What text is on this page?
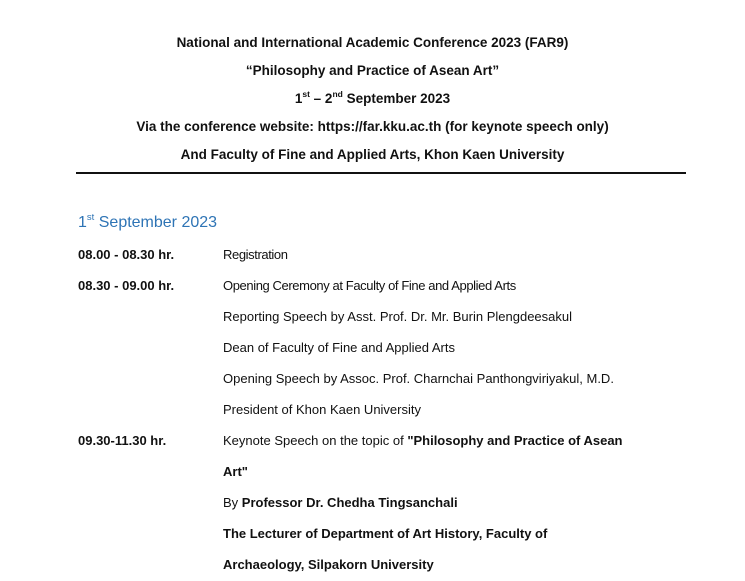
National and International Academic Conference 2023 (FAR9)
“Philosophy and Practice of Asean Art”
1st – 2nd September 2023
Via the conference website: https://far.kku.ac.th (for keynote speech only)
And Faculty of Fine and Applied Arts, Khon Kaen University
1st September 2023
08.00 - 08.30 hr.	Registration
08.30 - 09.00 hr.	Opening Ceremony at Faculty of Fine and Applied Arts
Reporting Speech by Asst. Prof. Dr. Mr. Burin Plengdeesakul
Dean of Faculty of Fine and Applied Arts
Opening Speech by Assoc. Prof. Charnchai Panthongviriyakul, M.D.
President of Khon Kaen University
09.30-11.30 hr.	Keynote Speech on the topic of "Philosophy and Practice of Asean
Art"
By Professor Dr. Chedha Tingsanchali
The Lecturer of Department of Art History, Faculty of
Archaeology, Silpakorn University
